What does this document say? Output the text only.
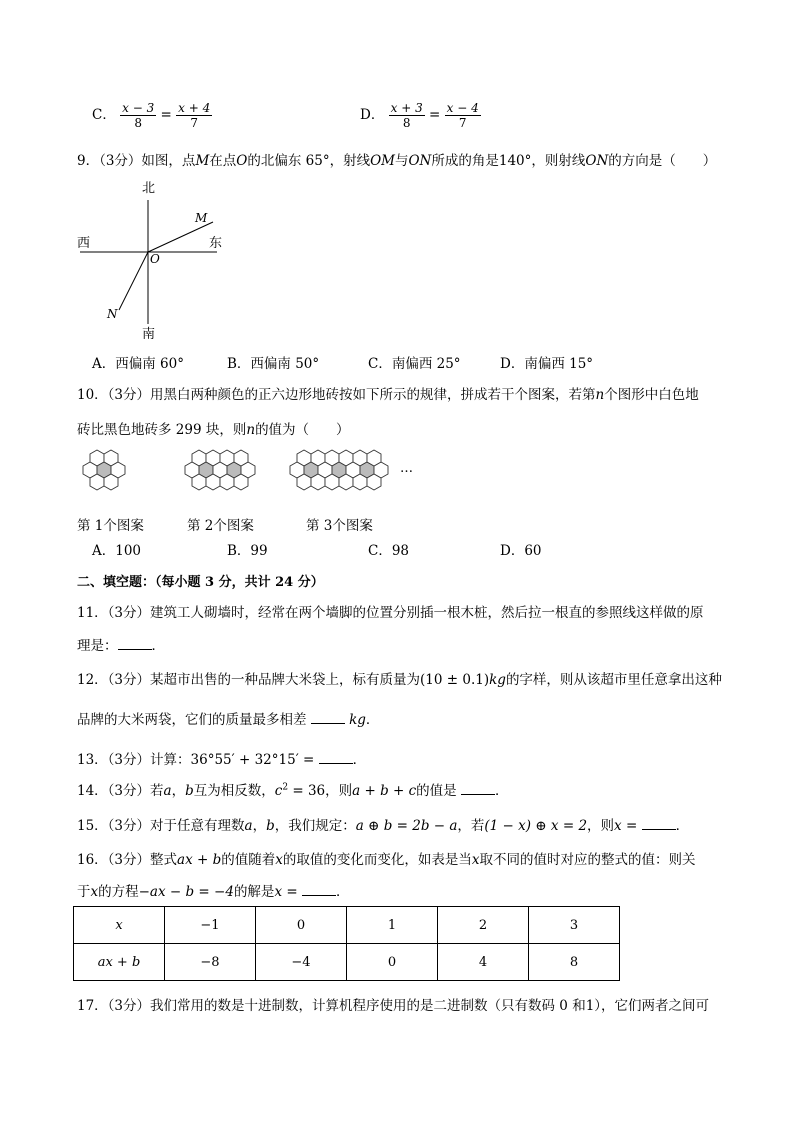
C． $\frac{x - 3}{8} = \frac{x + 4}{7}$	D． $\frac{x + 3}{8} = \frac{x - 4}{7}$
9．（3分）如图，点M在点O的北偏东 65°，射线OM与ON所成的角是140°，则射线ON的方向是（　　）
北
南
西	东
M
N
O
A．西偏南 60°	B．西偏南 50°	C．南偏西 25°	D．南偏西 15°
10．（3分）用黑白两种颜色的正六边形地砖按如下所示的规律，拼成若干个图案，若第n个图形中白色地
砖比黑色地砖多 299 块，则n的值为（　　）
…
第 1个图案	第 2个图案	第 3个图案
A．100	B．99	C．98	D．60
二、填空题：（每小题 3 分，共计 24 分）
11．（3分）建筑工人砌墙时，经常在两个墙脚的位置分别插一根木桩，然后拉一根直的参照线这样做的原
理是：	．
12．（3分）某超市出售的一种品牌大米袋上，标有质量为(10 ± 0.1)kg的字样，则从该超市里任意拿出这种
品牌的大米两袋，它们的质量最多相差	kg．
13．（3分）计算：36°55′ + 32°15′ =	．
14．（3分）若a，b互为相反数，$c^2 = 36$，则a + b + c的值是	．
15．（3分）对于任意有理数a，b，我们规定：a ⊕ b = 2b − a，若(1 − x) ⊕ x = 2，则x =	．
16．（3分）整式ax + b的值随着x的取值的变化而变化，如表是当x取不同的值时对应的整式的值：则关
于x的方程−ax − b = −4的解是x =	．
x	−1	0	1	2	3
ax + b	−8	−4	0	4	8
17．（3分）我们常用的数是十进制数，计算机程序使用的是二进制数（只有数码 0 和1），它们两者之间可
